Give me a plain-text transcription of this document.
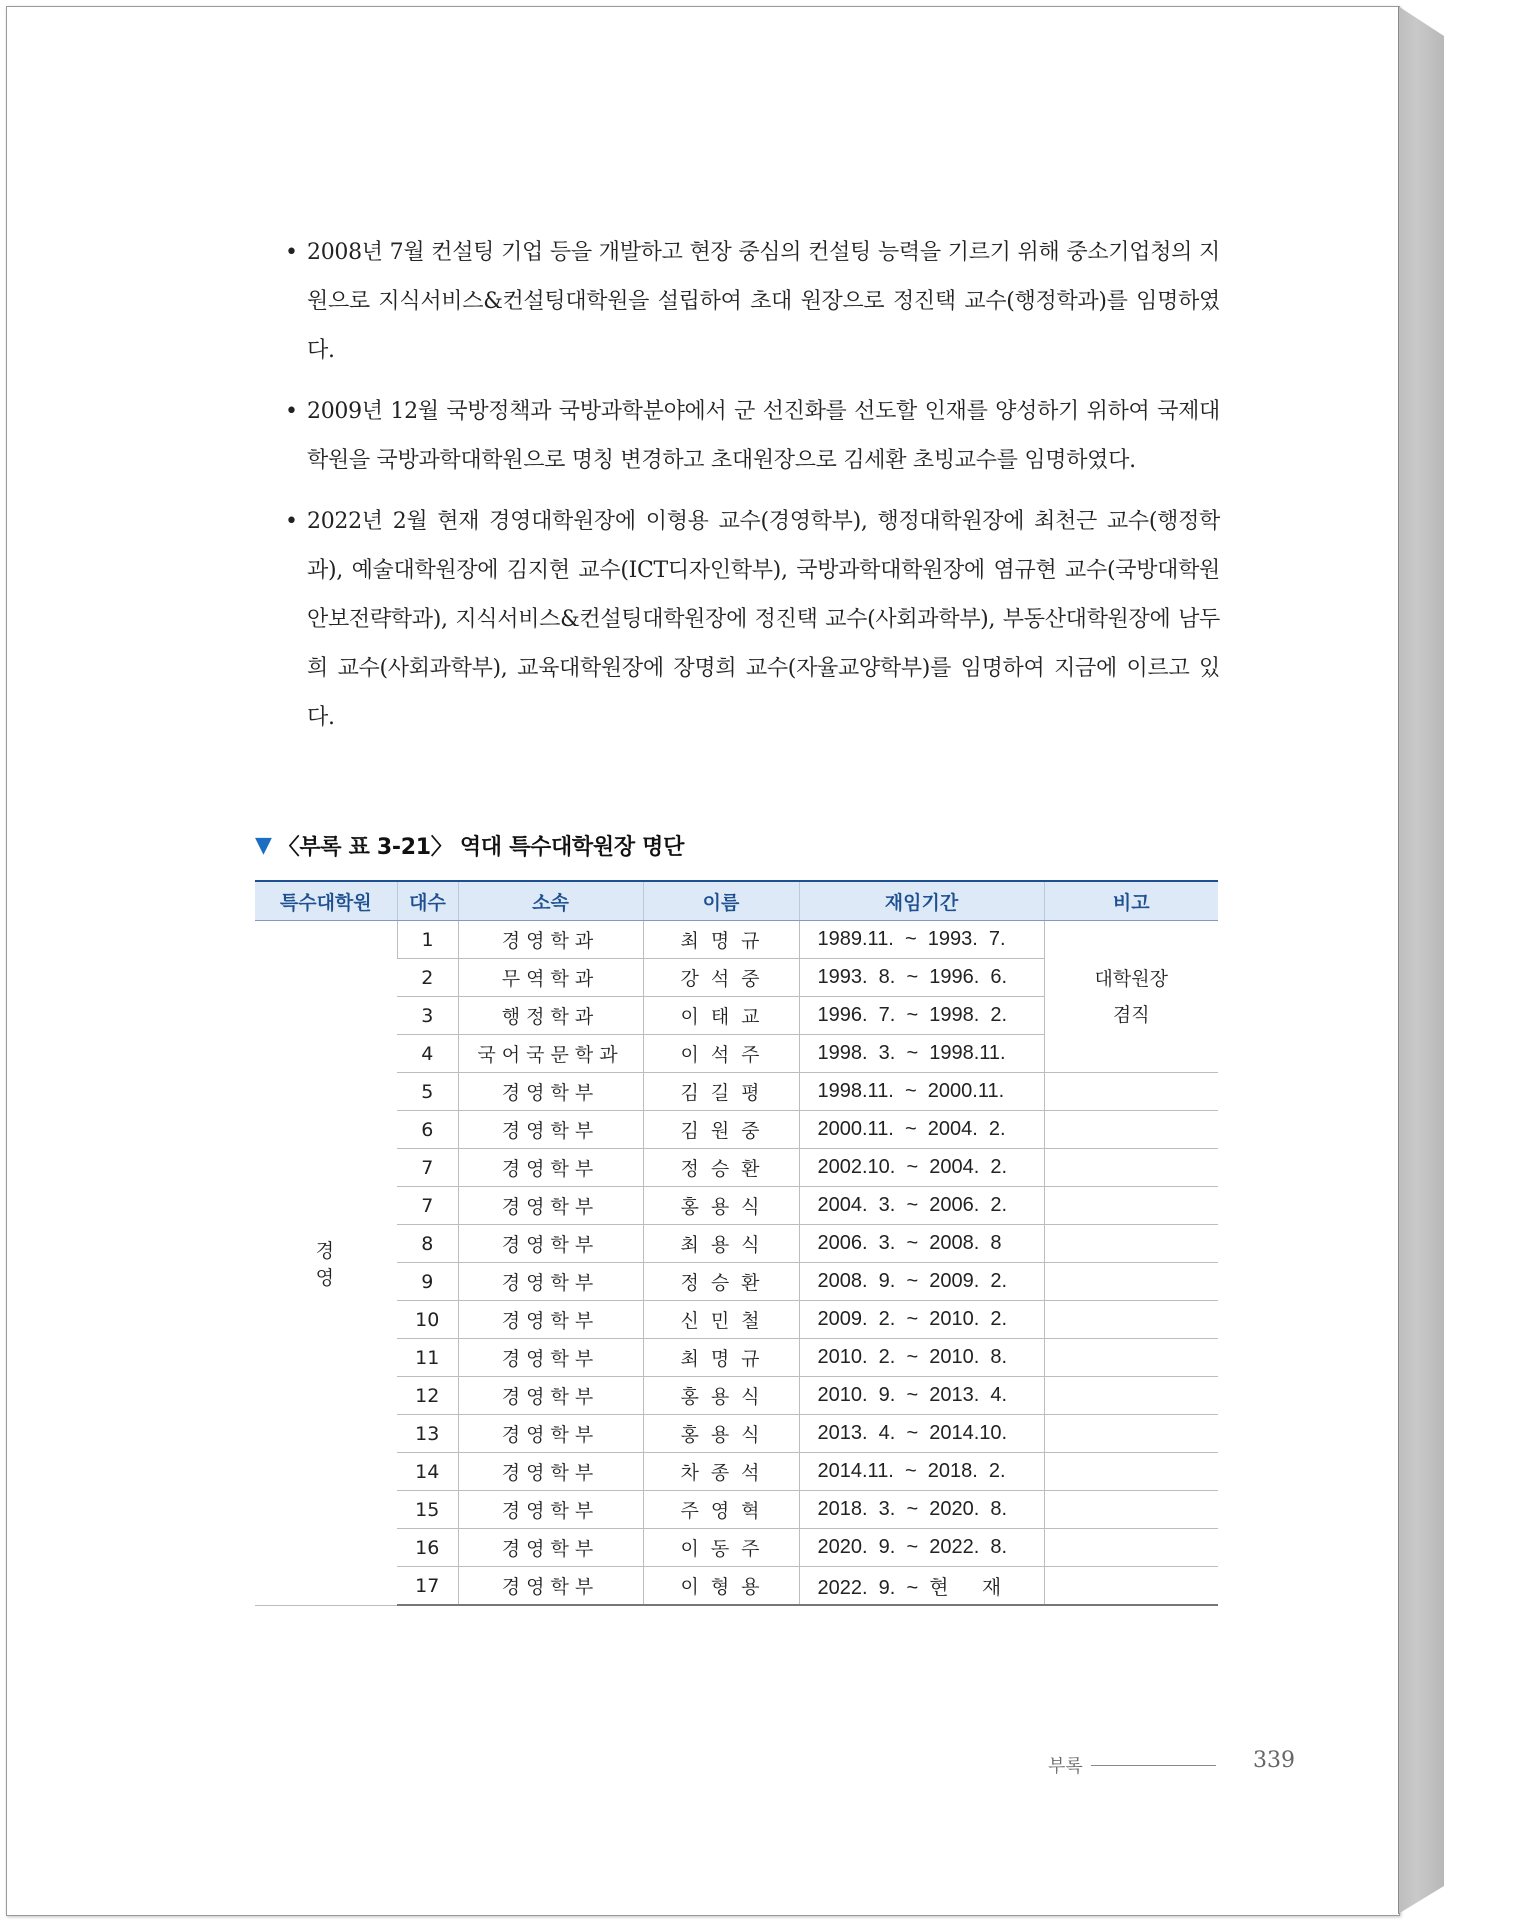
• 2008년 7월 컨설팅 기업 등을 개발하고 현장 중심의 컨설팅 능력을 기르기 위해 중소기업청의 지원으로 지식서비스&컨설팅대학원을 설립하여 초대 원장으로 정진택 교수(행정학과)를 임명하였다.
• 2009년 12월 국방정책과 국방과학분야에서 군 선진화를 선도할 인재를 양성하기 위하여 국제대학원을 국방과학대학원으로 명칭 변경하고 초대원장으로 김세환 초빙교수를 임명하였다.
• 2022년 2월 현재 경영대학원장에 이형용 교수(경영학부), 행정대학원장에 최천근 교수(행정학과), 예술대학원장에 김지현 교수(ICT디자인학부), 국방과학대학원장에 염규현 교수(국방대학원 안보전략학과), 지식서비스&컨설팅대학원장에 정진택 교수(사회과학부), 부동산대학원장에 남두희 교수(사회과학부), 교육대학원장에 장명희 교수(자율교양학부)를 임명하여 지금에 이르고 있다.
▼ 〈부록 표 3-21〉 역대 특수대학원장 명단
특수대학원	대수	소속	이름	재임기간	비고
경 영	1	경영학과	최명규	1989.11.  ~  1993.  7.	대학원장
겸직
	2	무역학과	강석중	1993.  8.  ~  1996.  6.	
	3	행정학과	이태교	1996.  7.  ~  1998.  2.	
	4	국어국문학과	이석주	1998.  3.  ~  1998.11.	
	5	경영학부	김길평	1998.11.  ~  2000.11.	
	6	경영학부	김원중	2000.11.  ~  2004.  2.	
	7	경영학부	정승환	2002.10.  ~  2004.  2.	
	7	경영학부	홍용식	2004.  3.  ~  2006.  2.	
	8	경영학부	최용식	2006.  3.  ~  2008.  8	
	9	경영학부	정승환	2008.  9.  ~  2009.  2.	
	10	경영학부	신민철	2009.  2.  ~  2010.  2.	
	11	경영학부	최명규	2010.  2.  ~  2010.  8.	
	12	경영학부	홍용식	2010.  9.  ~  2013.  4.	
	13	경영학부	홍용식	2013.  4.  ~  2014.10.	
	14	경영학부	차종석	2014.11.  ~  2018.  2.	
	15	경영학부	주영혁	2018.  3.  ~  2020.  8.	
	16	경영학부	이동주	2020.  9.  ~  2022.  8.	
	17	경영학부	이형용	2022.  9.  ~  현      재	
부록	339
